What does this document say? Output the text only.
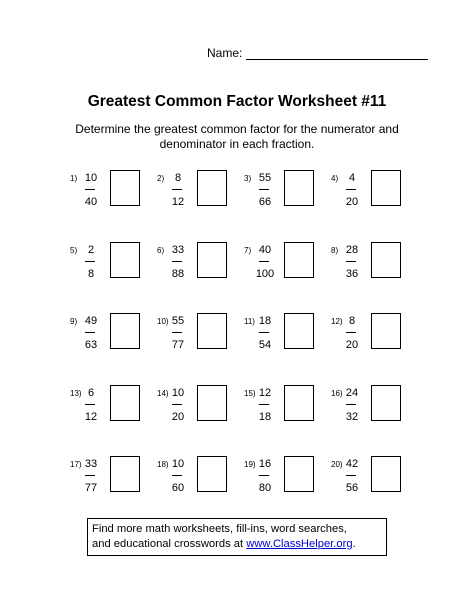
Name:
Greatest Common Factor Worksheet #11
Determine the greatest common factor for the numerator and denominator in each fraction.
1) 10
40
2) 8
12
3) 55
66
4) 4
20
5) 2
8
6) 33
88
7) 40
100
8) 28
36
9) 49
63
10) 55
77
11) 18
54
12) 8
20
13) 6
12
14) 10
20
15) 12
18
16) 24
32
17) 33
77
18) 10
60
19) 16
80
20) 42
56
Find more math worksheets, fill-ins, word searches,
and educational crosswords at www.ClassHelper.org.
